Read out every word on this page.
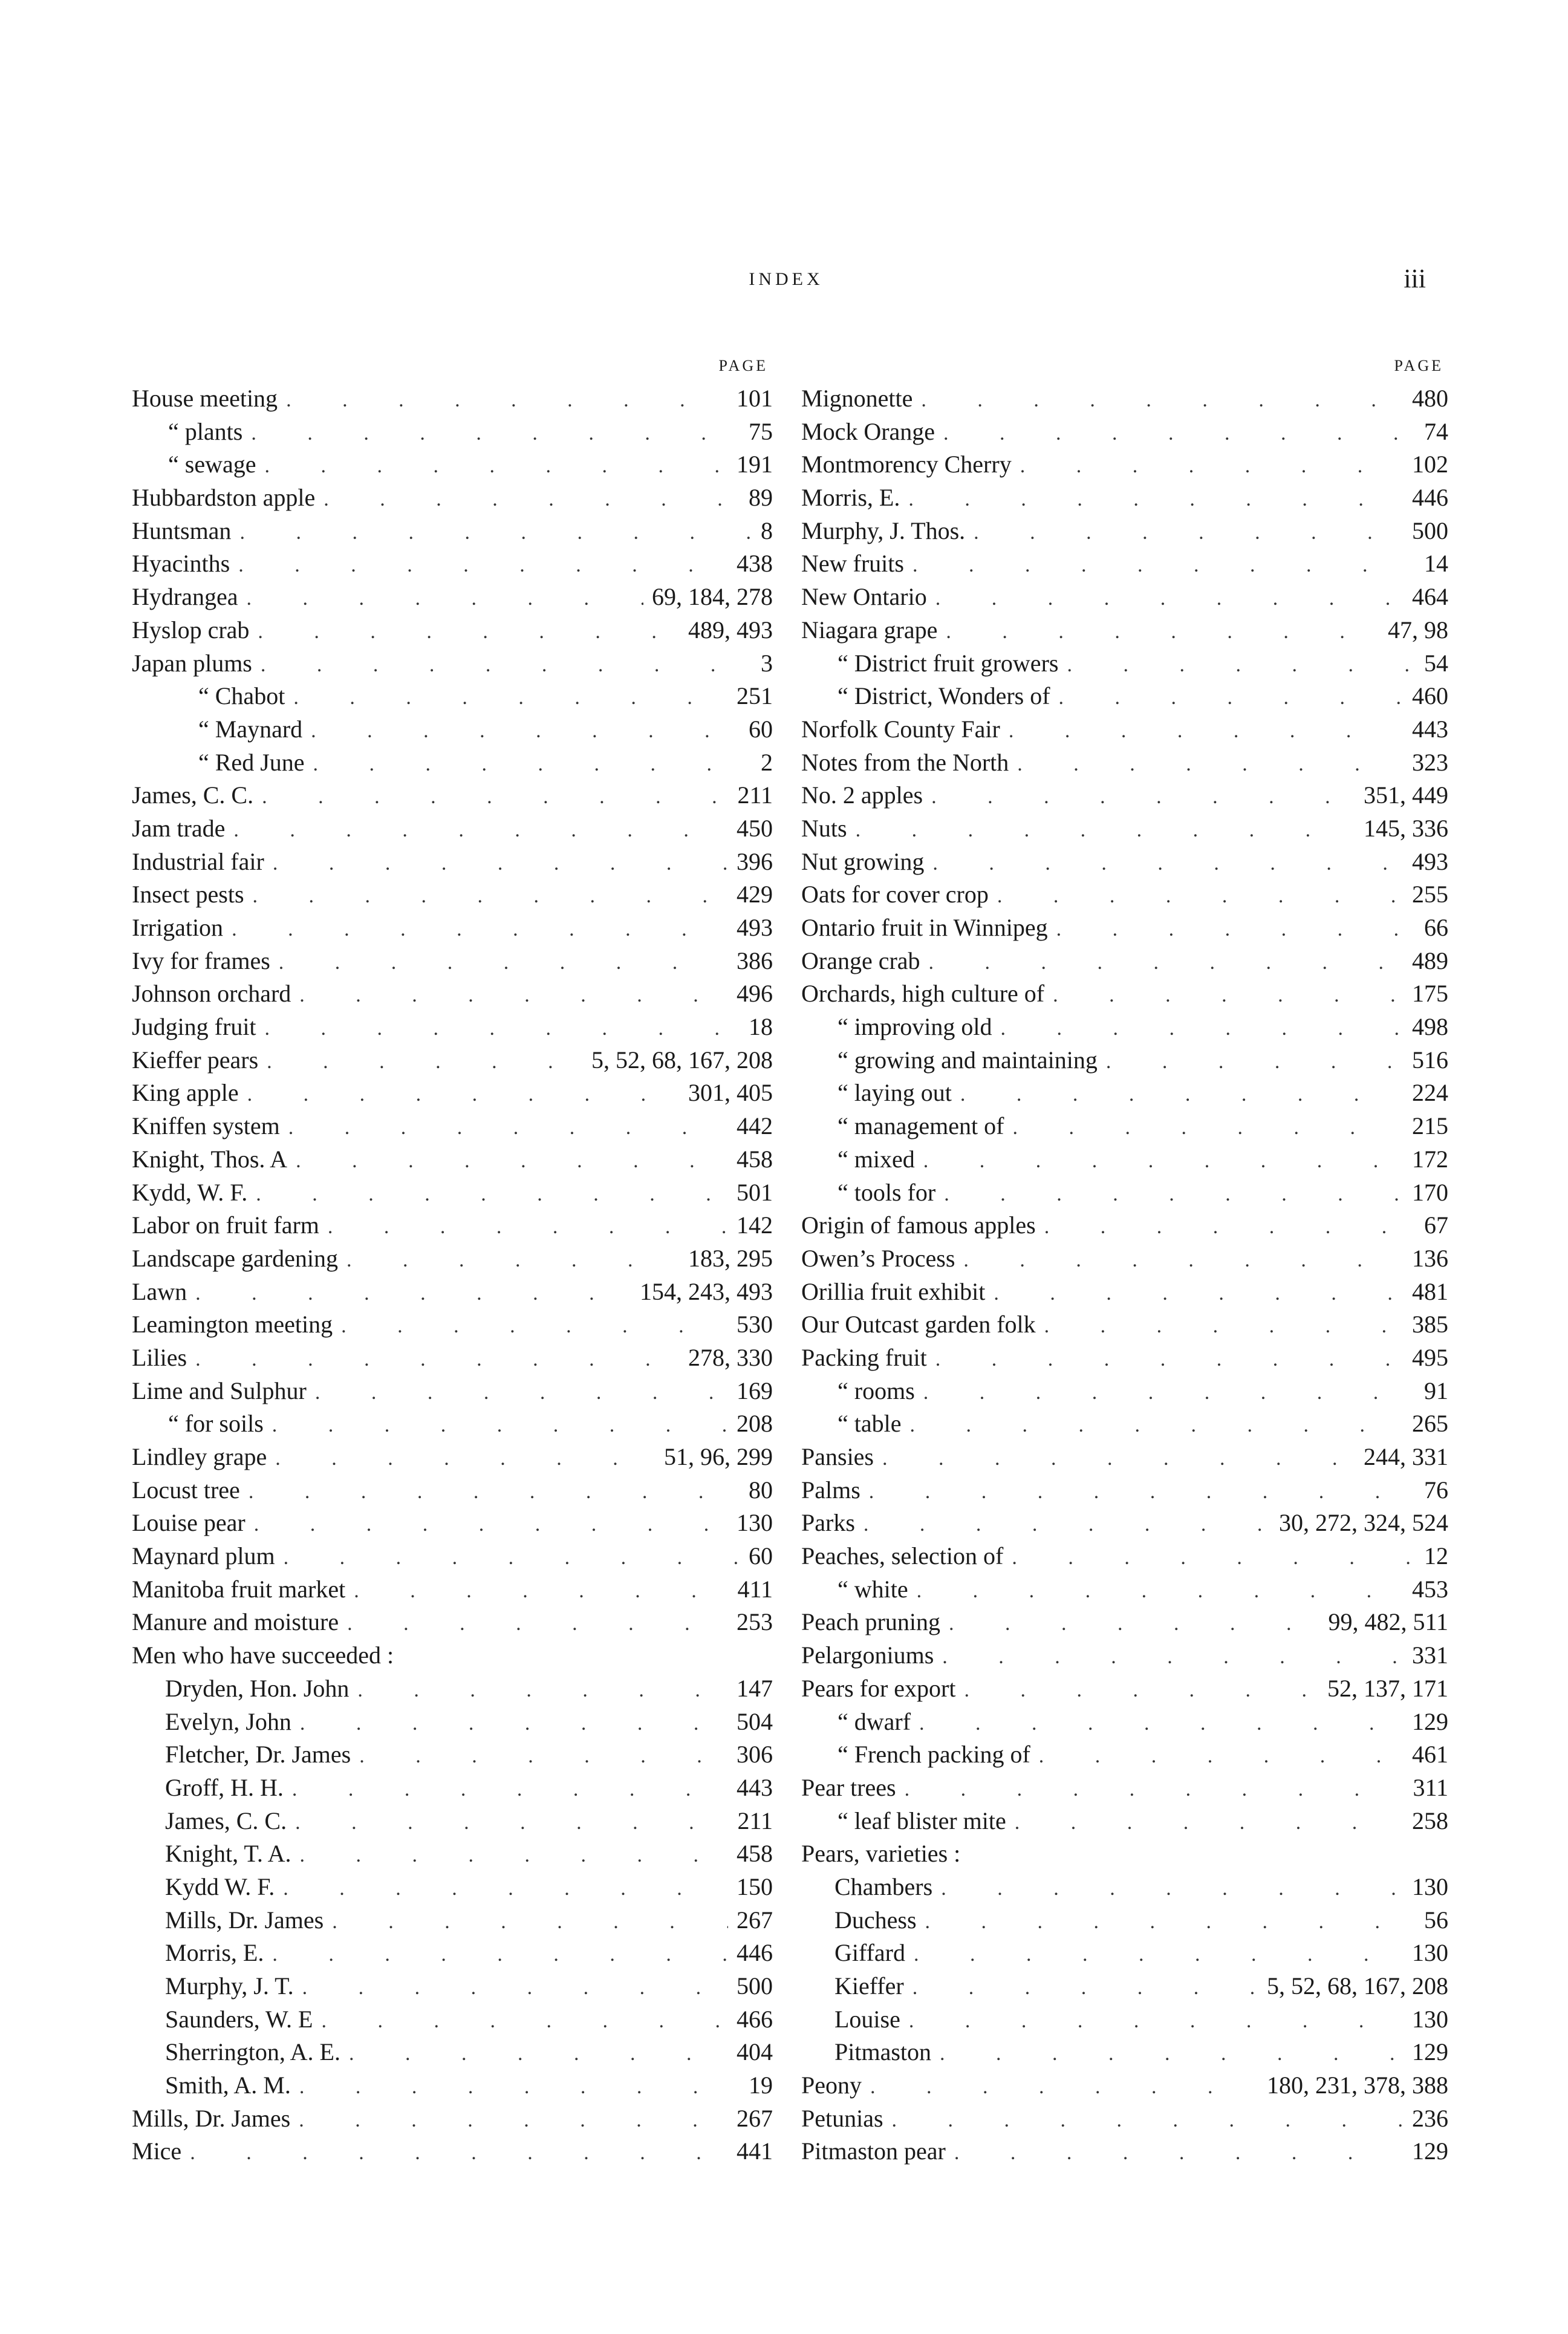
INDEX	iii
PAGE
House meeting . . .	101
“ plants . . .	75
“ sewage . . .	191
Hubbardston apple . . .	89
Huntsman . . .	8
Hyacinths . . .	438
Hydrangea . . .	69, 184, 278
Hyslop crab . . .	489, 493
Japan plums . . .	3
“ Chabot . . .	251
“ Maynard . . .	60
“ Red June . . .	2
James, C. C. . . .	211
Jam trade . . .	450
Industrial fair . . .	396
Insect pests . . .	429
Irrigation . . .	493
Ivy for frames . . .	386
Johnson orchard . . .	496
Judging fruit . . .	18
Kieffer pears . . .	5, 52, 68, 167, 208
King apple . . .	301, 405
Kniffen system . . .	442
Knight, Thos. A . . .	458
Kydd, W. F. . . .	501
Labor on fruit farm . . .	142
Landscape gardening . . .	183, 295
Lawn . . .	154, 243, 493
Leamington meeting . . .	530
Lilies . . .	278, 330
Lime and Sulphur . . .	169
“ for soils . . .	208
Lindley grape . . .	51, 96, 299
Locust tree . . .	80
Louise pear . . .	130
Maynard plum . . .	60
Manitoba fruit market . . .	411
Manure and moisture . . .	253
Men who have succeeded :
Dryden, Hon. John . . .	147
Evelyn, John . . .	504
Fletcher, Dr. James . . .	306
Groff, H. H. . . .	443
James, C. C. . . .	211
Knight, T. A. . . .	458
Kydd W. F. . . .	150
Mills, Dr. James . . .	267
Morris, E. . . .	446
Murphy, J. T. . . .	500
Saunders, W. E . . .	466
Sherrington, A. E. . . .	404
Smith, A. M. . . .	19
Mills, Dr. James . . .	267
Mice . . .	441
PAGE
Mignonette . . .	480
Mock Orange . . .	74
Montmorency Cherry . . .	102
Morris, E. . . .	446
Murphy, J. Thos. . . .	500
New fruits . . .	14
New Ontario . . .	464
Niagara grape . . .	47, 98
“ District fruit growers . . .	54
“ District, Wonders of . . .	460
Norfolk County Fair . . .	443
Notes from the North . . .	323
No. 2 apples . . .	351, 449
Nuts . . .	145, 336
Nut growing . . .	493
Oats for cover crop . . .	255
Ontario fruit in Winnipeg . . .	66
Orange crab . . .	489
Orchards, high culture of . . .	175
“ improving old . . .	498
“ growing and maintaining . . .	516
“ laying out . . .	224
“ management of . . .	215
“ mixed . . .	172
“ tools for . . .	170
Origin of famous apples . . .	67
Owen’s Process . . .	136
Orillia fruit exhibit . . .	481
Our Outcast garden folk . . .	385
Packing fruit . . .	495
“ rooms . . .	91
“ table . . .	265
Pansies . . .	244, 331
Palms . . .	76
Parks . . .	30, 272, 324, 524
Peaches, selection of . . .	12
“ white . . .	453
Peach pruning . . .	99, 482, 511
Pelargoniums . . .	331
Pears for export . . .	52, 137, 171
“ dwarf . . .	129
“ French packing of . . .	461
Pear trees . . .	311
“ leaf blister mite . . .	258
Pears, varieties :
Chambers . . .	130
Duchess . . .	56
Giffard . . .	130
Kieffer . . .	5, 52, 68, 167, 208
Louise . . .	130
Pitmaston . . .	129
Peony . . .	180, 231, 378, 388
Petunias . . .	236
Pitmaston pear . . .	129
